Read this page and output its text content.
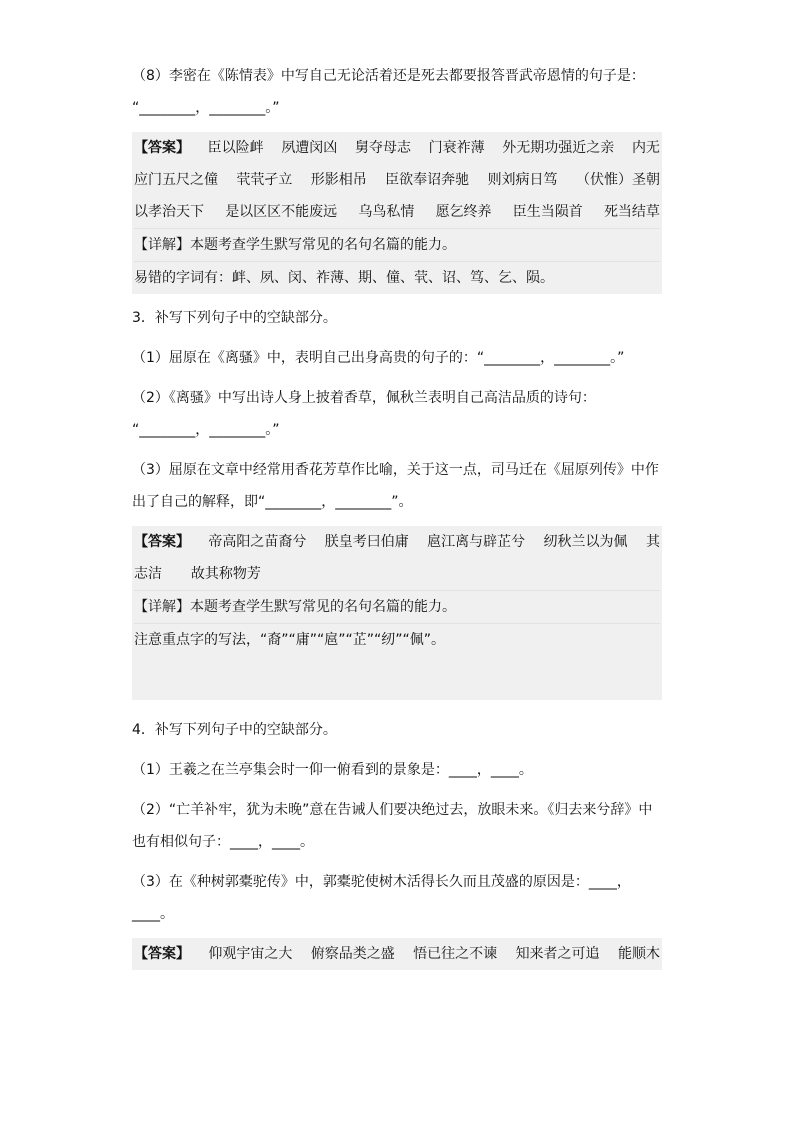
（8）李密在《陈情表》中写自己无论活着还是死去都要报答晋武帝恩情的句子是：
“________，________。”
【答案】 臣以险衅 夙遭闵凶 舅夺母志 门衰祚薄 外无期功强近之亲 内无
应门五尺之僮 茕茕孑立 形影相吊 臣欲奉诏奔驰 则刘病日笃 （伏惟）圣朝
以孝治天下 是以区区不能废远 乌鸟私情 愿乞终养 臣生当陨首 死当结草
【详解】本题考查学生默写常见的名句名篇的能力。
易错的字词有：衅、夙、闵、祚薄、期、僮、茕、诏、笃、乞、陨。
3．补写下列句子中的空缺部分。
（1）屈原在《离骚》中，表明自己出身高贵的句子的：“________，________。”
（2）《离骚》中写出诗人身上披着香草，佩秋兰表明自己高洁品质的诗句：
“________，________。”
（3）屈原在文章中经常用香花芳草作比喻，关于这一点，司马迁在《屈原列传》中作
出了自己的解释，即“________，________”。
【答案】 帝高阳之苗裔兮 朕皇考曰伯庸 扈江离与辟芷兮 纫秋兰以为佩 其
志洁 故其称物芳
【详解】本题考查学生默写常见的名句名篇的能力。
注意重点字的写法，“裔”“庸”“扈”“芷”“纫”“佩”。
4．补写下列句子中的空缺部分。
（1）王羲之在兰亭集会时一仰一俯看到的景象是：____，____。
（2）“亡羊补牢，犹为未晚”意在告诫人们要决绝过去，放眼未来。《归去来兮辞》中
也有相似句子：____，____。
（3）在《种树郭橐驼传》中，郭橐驼使树木活得长久而且茂盛的原因是：____，
____。
【答案】 仰观宇宙之大 俯察品类之盛 悟已往之不谏 知来者之可追 能顺木
